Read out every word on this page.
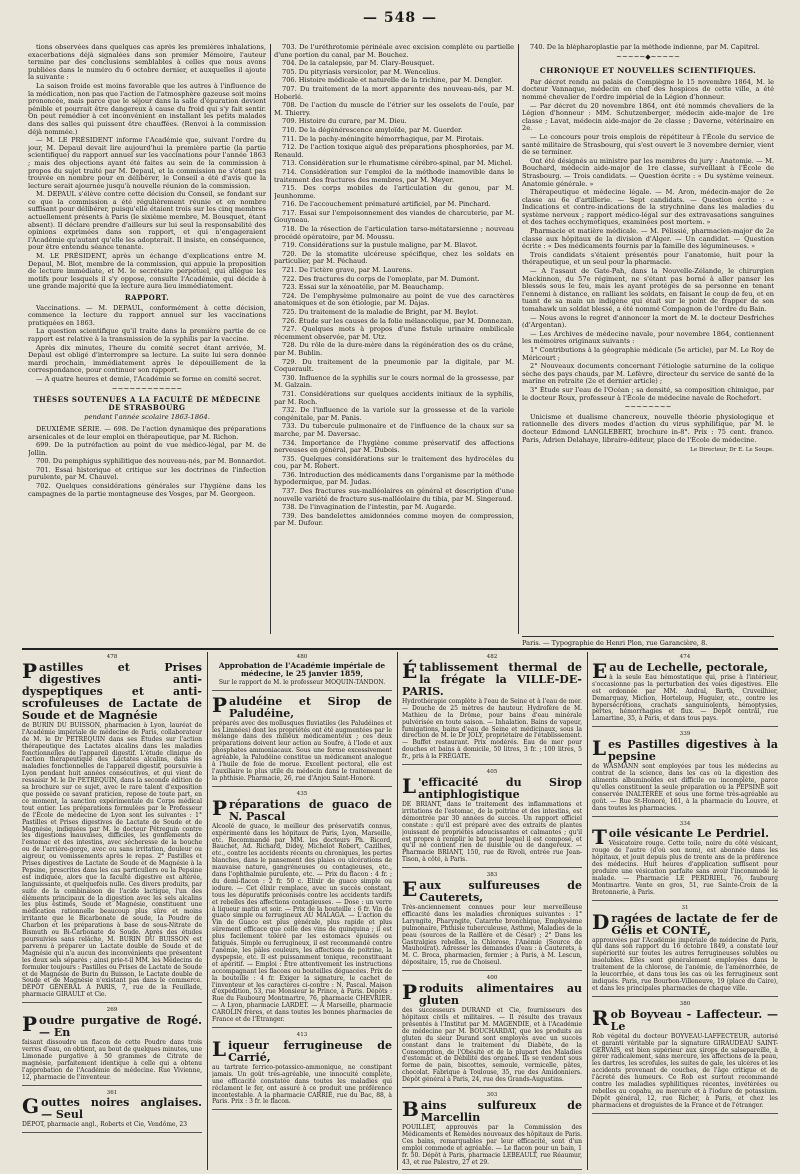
— 548 —

tions observées dans quelques cas après les premières inhalations, exacerbations déjà signalées dans son premier Mémoire, l'auteur termine par des conclusions semblables à celles que nous avons publiées dans le numéro du 6 octobre dernier, et auxquelles il ajoute la suivante :

La saison froide est moins favorable que les autres à l'influence de la médication, non pas que l'action de l'atmosphère gazeuse soit moins prononcée, mais parce que le séjour dans la salle d'épuration devient pénible et pourrait être dangereux à cause du froid qui s'y fait sentir. On peut remédier à cet inconvénient en installant les petits malades dans des salles qui puissent être chauffées. (Renvoi à la commission déjà nommée.)

— M. LE PRÉSIDENT informe l'Académie que, suivant l'ordre du jour, M. Depaul devait lire aujourd'hui la première partie (la partie scientifique) du rapport annuel sur les vaccinations pour l'année 1863 ; mais des objections ayant été faites au sein de la commission à propos du sujet traité par M. Depaul, et la commission ne s'étant pas trouvée en nombre pour en délibérer, le Conseil a été d'avis que la lecture serait ajournée jusqu'à nouvelle réunion de la commission.

M. DEPAUL s'élève contre cette décision du Conseil, se fondant sur ce que la commission a été régulièrement réunie et en nombre suffisant pour délibérer, puisqu'elle étaient trois sur les cinq membres actuellement présents à Paris (le sixième membre, M. Bousquet, étant absent). Il déclare prendre d'ailleurs sur lui seul la responsabilité des opinions exprimées dans son rapport, et qui n'engageraient l'Académie qu'autant qu'elle les adopterait. Il insiste, en conséquence, pour être entendu séance tenante.

M. LE PRÉSIDENT, après un échange d'explications entre M. Depaul, M. Blot, membre de la commission, qui appuie la proposition de lecture immédiate, et M. le secrétaire perpétuel, qui allègue les motifs pour lesquels il s'y oppose, consulte l'Académie, qui décide à une grande majorité que la lecture aura lieu immédiatement.

RAPPORT.

Vaccinations. — M. DEPAUL, conformément à cette décision, commence la lecture du rapport annuel sur les vaccinations pratiquées en 1863.

La question scientifique qu'il traite dans la première partie de ce rapport est relative à la transmission de la syphilis par la vaccine.

Après dix minutes, l'heure du comité secret étant arrivée, M. Depaul est obligé d'interrompre sa lecture. La suite lui sera donnée mardi prochain, immédiatement après le dépouillement de la correspondance, pour continuer son rapport.

— A quatre heures et demie, l'Académie se forme en comité secret.

~~~~~~~~~~~~
THÈSES SOUTENUES A LA FACULTÉ DE MÉDECINE DE STRASBOURG
pendant l'année scolaire 1863-1864.

DEUXIÈME SÉRIE. — 698. De l'action dynamique des préparations arsenicales et de leur emploi en thérapeutique, par M. Richon.

699. De la putréfaction au point de vue médico-légal, par M. de Jollin.

700. Du pemphigus syphilitique des nouveau-nés, par M. Bonnardot.

701. Essai historique et critique sur les doctrines de l'infection purulente, par M. Chauvel.

702. Quelques considérations générales sur l'hygiène dans les campagnes de la partie montagneuse des Vosges, par M. Georgeon.

703. De l'uréthrotomie périnéale avec excision complète ou partielle d'une portion du canal, par M. Bouchez.

704. De la catalepsie, par M. Clary-Bousquet.

705. Du pityriasis versicolor, par M. Wencelius.

706. Histoire médicale et naturelle de la trichine, par M. Dengler.

707. Du traitement de la mort apparente des nouveau-nés, par M. Hoberlé.

708. De l'action du muscle de l'étrier sur les osselets de l'ouïe, par M. Thierry.

709. Histoire du curare, par M. Dieu.

710. De la dégénérescence amyloïde, par M. Guerder.

711. De la pachy-méningite hémorrhagique, par M. Pirotais.

712. De l'action toxique aiguë des préparations phosphorées, par M. Renauld.

713. Considération sur le rhumatisme cérébro-spinal, par M. Michel.

714. Considération sur l'emploi de la méthode inamovible dans le traitement des fractures des membres, par M. Meyer.

715. Des corps mobiles de l'articulation du genou, par M. Jeunhomme.

716. De l'accouchement prématuré artificiel, par M. Pinchard.

717. Essai sur l'empoisonnement des viandes de charcuterie, par M. Gouyneau.

718. De la résection de l'articulation tarso-métatarsienne ; nouveau procédé opératoire, par M. Moussu.

719. Considérations sur la pustule maligne, par M. Blavot.

720. De la stomatite ulcéreuse spécifique, chez les soldats en particulier, par M. Péchaud.

721. De l'ictère grave, par M. Laurens.

722. Des fractures du corps de l'omoplate, par M. Dumont.

723. Essai sur la xénoatélie, par M. Beauchamp.

724. De l'emphysème pulmonaire au point de vue des caractères anatomiques et de son étiologie, par M. Dajas.

725. Du traitement de la maladie de Bright, par M. Beylot.

726. Étude sur les causes de la folie mélancolique, par M. Donnezan.

727. Quelques mots à propos d'une fistule urinaire ombilicale récemment observée, par M. Utz.

728. Du rôle de la dure-mère dans la régénération des os du crâne, par M. Bublin.

729. Du traitement de la pneumonie par la digitale, par M. Coquerault.

730. Influence de la syphilis sur le cours normal de la grossesse, par M. Galzain.

731. Considérations sur quelques accidents initiaux de la syphilis, par M. Roch.

732. De l'influence de la variole sur la grossesse et de la variole congénitale, par M. Panis.

733. Du tubercule pulmonaire et de l'influence de la chaux sur sa marche, par M. Daversac.

734. Importance de l'hygiène comme préservatif des affections nerveuses en général, par M. Dubois.

735. Quelques considérations sur le traitement des hydrocèles du cou, par M. Robert.

736. Introduction des médicaments dans l'organisme par la méthode hypodermique, par M. Judas.

737. Des fractures sus-malléolaires en général et description d'une nouvelle variété de fracture sus-malléolaire du tibia, par M. Singeraud.

738. De l'invagination de l'intestin, par M. Augarde.

739. Des bandelettes amidonnées comme moyen de compression, par M. Dufour.

740. De la blépharoplastie par la méthode indienne, par M. Capitrel.

~~~~~◆~~~~~
CHRONIQUE ET NOUVELLES SCIENTIFIQUES.

Par décret rendu au palais de Compiègne le 15 novembre 1864, M. le docteur Vannaque, médecin en chef des hospices de cette ville, a été nommé chevalier de l'ordre impérial de la Légion d'honneur.

— Par décret du 20 novembre 1864, ont été nommés chevaliers de la Légion d'honneur : MM. Schutzenberger, médecin aide-major de 1re classe ; Lavat, médecin aide-major de 2e classe ; Daverne, vétérinaire en 2e.

— Le concours pour trois emplois de répétiteur à l'École du service de santé militaire de Strasbourg, qui s'est ouvert le 3 novembre dernier, vient de se terminer.

Ont été désignés au ministre par les membres du jury : Anatomie. — M. Bouchard, médecin aide-major de 1re classe, surveillant à l'École de Strasbourg. — Trois candidats. — Question écrite : « Du système veineux. Anatomie générale. »

Thérapeutique et médecine légale. — M. Aron, médecin-major de 2e classe au 6e d'artillerie. — Sept candidats. — Question écrite : « Indications et contre-indications de la strychnine dans les maladies du système nerveux ; rapport médico-légal sur des extravasations sanguines et des taches ecchymotiques, examinées post mortem. »

Pharmacie et matière médicale. — M. Pélissié, pharmacien-major de 2e classe aux hôpitaux de la division d'Alger. — Un candidat. — Question écrite : « Des médicaments fournis par la famille des légumineuses. »

Trois candidats s'étaient présentés pour l'anatomie, huit pour la thérapeutique, et un seul pour la pharmacie.

— A l'assaut de Gate-Pah, dans la Nouvelle-Zélande, le chirurgien Mackinnon, du 57e régiment, ne s'étant pas borné à aller panser les blessés sous le feu, mais les ayant protégés de sa personne en tenant l'ennemi à distance, en ralliant les soldats, en faisant le coup de feu, et en tuant de sa main un indigène qui était sur le point de frapper de son tomahawk un soldat blessé, a été nommé Compagnon de l'ordre du Bain.

— Nous avons le regret d'annoncer la mort de M. le docteur Desfriches (d'Argentan).

— Les Archives de médecine navale, pour novembre 1864, contiennent les mémoires originaux suivants :

1° Contributions à la géographie médicale (5e article), par M. Le Roy de Méricourt ;

2° Nouveaux documents concernant l'étiologie saturnine de la colique sèche des pays chauds, par M. Lefèvre, directeur du service de santé de la marine en retraite (2e et dernier article) ;

3° Étude sur l'eau de l'Océan ; sa densité, sa composition chimique, par le docteur Roux, professeur à l'École de médecine navale de Rochefort.

~~~~~~~~

Unicisme et dualisme chancreux, nouvelle théorie physiologique et rationnelle des divers modes d'action du virus syphilitique, par M. le docteur Edmond LANGLEBERT, brochure in-8°. Prix : 75 cent. franco. Paris, Adrien Delahaye, libraire-éditeur, place de l'École de médecine.

Le Directeur, Dr E. Le Soupe.
Paris. — Typographie de Henri Plon, rue Garancière, 8.
478
Pastilles et Prises digestives anti-dyspeptiques et anti-scrofuleuses de Lactate de Soude et de Magnésie
de BURIN DU BUISSON, pharmacien à Lyon, lauréat de l'Académie impériale de médecine de Paris, collaborateur de M. le Dr PETREQUIN dans ses Études sur l'action thérapeutique des Lactates alcalins dans les maladies fonctionnelles de l'appareil digestif. L'étude clinique de l'action thérapeutique des Lactates alcalins, dans les maladies fonctionnelles de l'appareil digestif, poursuivie à Lyon pendant huit années consécutives, et qui vient de ressaisir M. le Dr PETREQUIN, dans la seconde édition de sa brochure sur ce sujet, avec le rare talent d'exposition que possède ce savant praticien, repose de toute part, en ce moment, la sanction expérimentale du Corps médical tout entier. Les préparations formulées par le Professeur de l'École de médecine de Lyon sont les suivantes : 1° Pastilles et Prises digestives de Lactate de Soude et de Magnésie, indiquées par M. le docteur Pétrequin contre les digestions mauvaises, difficiles, les gonflements de l'estomac et des intestins, avec sécheresse de la bouche ou de l'arrière-gorge, avec ou sans irritation, douleur ou aigreur, ou vomissements après le repas. 2° Pastilles et Prises digestives de Lactate de Soude et de Magnésie à la Pepsine, prescrites dans les cas particuliers ou la Pepsine est indiquée, alors que la faculté digestive est altérée, languissante, et quelquefois nulle. Ces divers produits, par suite de la combinaison de l'acide lactique, l'un des éléments principaux de la digestion avec les sels alcalins les plus estimés, Soude et Magnésie, constituent une médication rationnelle beaucoup plus sûre et moins irritante que le Bicarbonate de soude, la Poudre de Charbon et les préparations à base de sous-Nitrate de Bismuth ou Bi-Carbonate de Soude. Après des études poursuivies sans relâche, M. BURIN DU BUISSON est parvenu à préparer un Lactate double de Soude et de Magnésie qui n'a aucun des inconvénients que présentent les deux sels séparés ; ainsi prie-t-il MM. les Médecins de formuler toujours : Pastilles ou Prises de Lactate de Soude et de Magnésie de Burin du Buisson, le Lactate double de Soude et de Magnésie n'existant pas dans le commerce. DÉPÔT GÉNÉRAL À PARIS, 7, rue de la Feuillade, pharmacie GIRAULT et Cie.
269
Poudre purgative de Rogé. — En
faisant dissoudre un flacon de cette Poudre dans trois verres d'eau, on obtient, au bout de quelques minutes, une Limonade purgative à 50 grammes de Citrate de magnésie, parfaitement identique à celle qui a obtenu l'approbation de l'Académie de médecine. Rue Vivienne, 12, pharmacie de l'inventeur.
361
Gouttes noires anglaises. — Seul
DÉPOT, pharmacie angl., Roberts et Cie, Vendôme, 23
480
Approbation de l'Académie impériale de médecine, le 25 janvier 1859,
Sur le rapport de M. le professeur MOQUIN-TANDON.
Paludéine et Sirop de Paludéine,
préparés avec des mollusques fluviatiles (les Paludéines et les Limnées) dont les propriétés ont été augmentées par le mélange dans des milieux médicamenteux ; ces deux préparations doivent leur action au Soufre, à l'Iode et aux phosphates ammoniacaux. Sous une forme excessivement agréable, la Paludéine constitue un médicament analogue à l'huile de foie de morue. Excellent pectoral, elle est l'auxiliaire le plus utile du médecin dans le traitement de la phthisie. Pharmacie, 26, rue d'Anjou Saint-Honoré.
435
Préparations de guaco de N. Pascal
Alcoolé de guaco, le meilleur des préservatifs connus, expérimenté dans les hôpitaux de Paris, Lyon, Marseille, etc. Recommandé par MM. les docteurs Ph. Ricord, Bauchet, Ad. Richard, Didey, Michelot Robert, Cazilhes, etc., contre les accidents récents ou chroniques, les pertes blanches, dans le pansement des plaies ou ulcérations de mauvaise nature, gangréneuses ou contagieuses, etc., dans l'ophthalmie purulente, etc. — Prix du flacon : 4 fr. ; du demi-flacon : 2 fr. 50 c. Elixir de guaco simple ou iodure. — Cet élixir remplace, avec un succès constant, tous les dépuratifs préconisés contre les accidents tardifs et rebelles des affections contagieuses. — Dose : un verre à liqueur matin et soir. — Prix de la bouteille : 6 fr. Vin de guaco simple ou ferrugineux AU MALAGA. — L'action du Vin de Guaco est plus générale, plus rapide et plus sûrement efficace que celle des vins de quinquina ; il est plus facilement toléré par les estomacs épuisés ou fatigués. Simple ou ferrugineux, il est recommandé contre l'anémie, les pâles couleurs, les affections de poitrine, la dyspepsie, etc. Il est puissamment tonique, reconstituant et apéritif. — Emploi : Être attentivement les instructions accompagnant les flacons ou bouteilles déguacées. Prix de la bouteille : 4 fr. Exiger la signature, le cachet de l'inventeur et les caractères ci-contre : N. Pascal. Maison d'expédition, 53, rue Monsieur le Prince, à Paris. Dépôts : Rue du Faubourg Montmartre, 76, pharmacie CHEVRIER. — A Lyon, pharmacie LARDET. — A Marseille, pharmacie CAROLIN frères, et dans toutes les bonnes pharmacies de France et de l'Étranger.
413
Liqueur ferrugineuse de Carrié,
au tartrate ferrico-potassico-ammonique, ne constipant jamais. Un goût très-agréable, une innocuité complète, une efficacité constatée dans toutes les maladies qui réclament le fer, ont assuré à ce produit une préférence incontestable. A la pharmacie CARRIÉ, rue du Bac, 88, à Paris. Prix : 3 fr. le flacon.
482
Établissement thermal de la frégate la VILLE-DE-PARIS.
Hydrothérapie complète à l'eau de Seine et à l'eau de mer. — Douche de 25 mètres de hauteur. Hydrofère de M. Mathieu de la Drôme, pour bains d'eau minérale pulvérisée en toute saison. — Inhalation. Bains de vapeur, fumigations, bains d'eau de Seine et médicinaux, sous la direction de M. le Dr JOLY, propriétaire de l'établissement. — Buffet restaurant. Prix modérés. Eau de mer pour douches et bains à domicile, 50 litres, 3 fr. ; 100 litres, 5 fr., pris à la FRÉGATE.
405
L 'efficacité du Sirop antiphlogistique
DE BRIANT, dans le traitement des inflammations et irritations de l'estomac, de la poitrine et des intestins, est démontrée par 30 années de succès. Un rapport officiel constate : qu'il est préparé avec des extraits de plantes jouissant de propriétés adoucissantes et calmantes ; qu'il est propre à remplir le but pour lequel il est composé, et qu'il ne contient rien de nuisible ou de dangereux. — Pharmacie BRIANT, 150, rue de Rivoli, entrée rue Jean-Tison, à côté, à Paris.
383
Eaux sulfureuses de Cauterets,
Très-anciennement connues pour leur merveilleuse efficacité dans les maladies chroniques suivantes : 1° Laryngite, Pharyngite, Catarrhe bronchique, Emphysème pulmonaire, Phthisie tuberculeuse, Asthme, Maladies de la peau (sources de la Raillère et de César) ; 2° Dans les Gastralgies rebelles, la Chlorose, l'Anémie (Source de Mauhourat). Adresser les demandes d'eau : à Cauterets, à M. C. Broca, pharmacien, fermier ; à Paris, à M. Lescun, dépositaire, 15, rue de Choiseul.
400
Produits alimentaires au gluten
des successeurs DURAND et Cie, fournisseurs des hôpitaux civils et militaires. — Il résulte des travaux présentés à l'Institut par M. MAGENDIE, et à l'Académie de médecine par M. BOUCHARDAT, que les produits au gluten du sieur Durand sont employés avec un succès constant dans le traitement du Diabète, de la Consomption, de l'Obésité et de la plupart des Maladies d'estomac et de Débilité des organes. Ils se vendent sous forme de pain, biscottes, semoule, vermicelle, pâtes, chocolat. Fabrique à Toulouse, 35, rue des Amidonniers. Dépôt général à Paris, 24, rue des Grands-Augustins.
303
Bains sulfureux de Marcellin
POUILLET, approuvés par la Commission des Médicaments et Remèdes nouveaux des hôpitaux de Paris. Ces bains, remarquables par leur efficacité, sont d'un emploi commode et agréable. — Le flacon pour un bain, 1 fr. 50. Dépôt à Paris, pharmacie LEBEAULT, rue Réaumur, 43, et rue Palestro, 27 et 29.
474
Eau de Lechelle, pectorale,
à la seule Eau hémostatique qui, prise à l'intérieur, s'occasionne pas la perturbation des voies digestives. Elle est ordonnée par MM. Andral, Barth, Cruveilhier, Demarquay, Michon, Horteloup, Huguier, etc., contre les hypersécrétions, crachats sanguinolents, hémoptysies, pertes, hémorrhagies et flux. — Dépôt central, rue Lamartine, 35, à Paris, et dans tous pays.
339
Les Pastilles digestives à la pepsine
de WASMANN sont employées par tous les médecins au contrat de la science, dans les cas où la digestion des aliments albuminoïdes est difficile ou incomplète, parce qu'elles constituent la seule préparation où la PEPSINE soit conservée INALTÉRÉE et sous une forme très-agréable au goût. — Rue St-Honoré, 161, à la pharmacie du Louvre, et dans toutes les pharmacies.
334
Toile vésicante Le Perdriel.
Vésicatoire rouge. Cette toile, noire du côté vésicant, rouge de l'autre (d'où son nom), est abonnée dans les hôpitaux, et jouit depuis plus de trente ans de la préférence des médecins. Huit heures d'application suffisent pour produire une vésication parfaite sans avoir l'incommodé le malade. — Pharmacie LE PERDRIEL, 76, faubourg Montmartre. Vente en gros, 51, rue Sainte-Croix de la Bretonnerie, à Paris.
31
Dragées de lactate de fer de Gélis et CONTÉ,
approuvées par l'Académie impériale de médecine de Paris, qui dans son rapport du 16 octobre 1849, a constaté leur supériorité sur toutes les autres ferrugineuses solubles ou insolubles. Elles sont généralement employées dans le traitement de la chlorose, de l'anémie, de l'aménorrhée, de la leucorrhée, et dans tous les cas où les ferrugineux sont indiqués. Paris, rue Bourbon-Villeneuve, 19 (place du Caire), et dans les principales pharmacies de chaque ville.
380
Rob Boyveau - Laffecteur. — Le
Rob végétal du docteur BOYVEAU-LAFFECTEUR, autorisé et garanti véritable par la signature GIRAUDEAU SAINT-GERVAIS, est bien supérieur aux sirops de salsepareille, à gérer radicalement, sans mercure, les affections de la peau, les dartres, les scrofules, les suites de gale, les ulcères et les accidents provenant de couches, de l'âge critique et de l'âcreté des humeurs. Ce Rob est surtout recommandé contre les maladies syphilitiques récentes, invétérées ou rebelles au copahu, au mercure et à l'iodure de potassium. Dépôt général, 12, rue Richer, à Paris, et chez les pharmaciens et droguistes de la France et de l'étranger.
